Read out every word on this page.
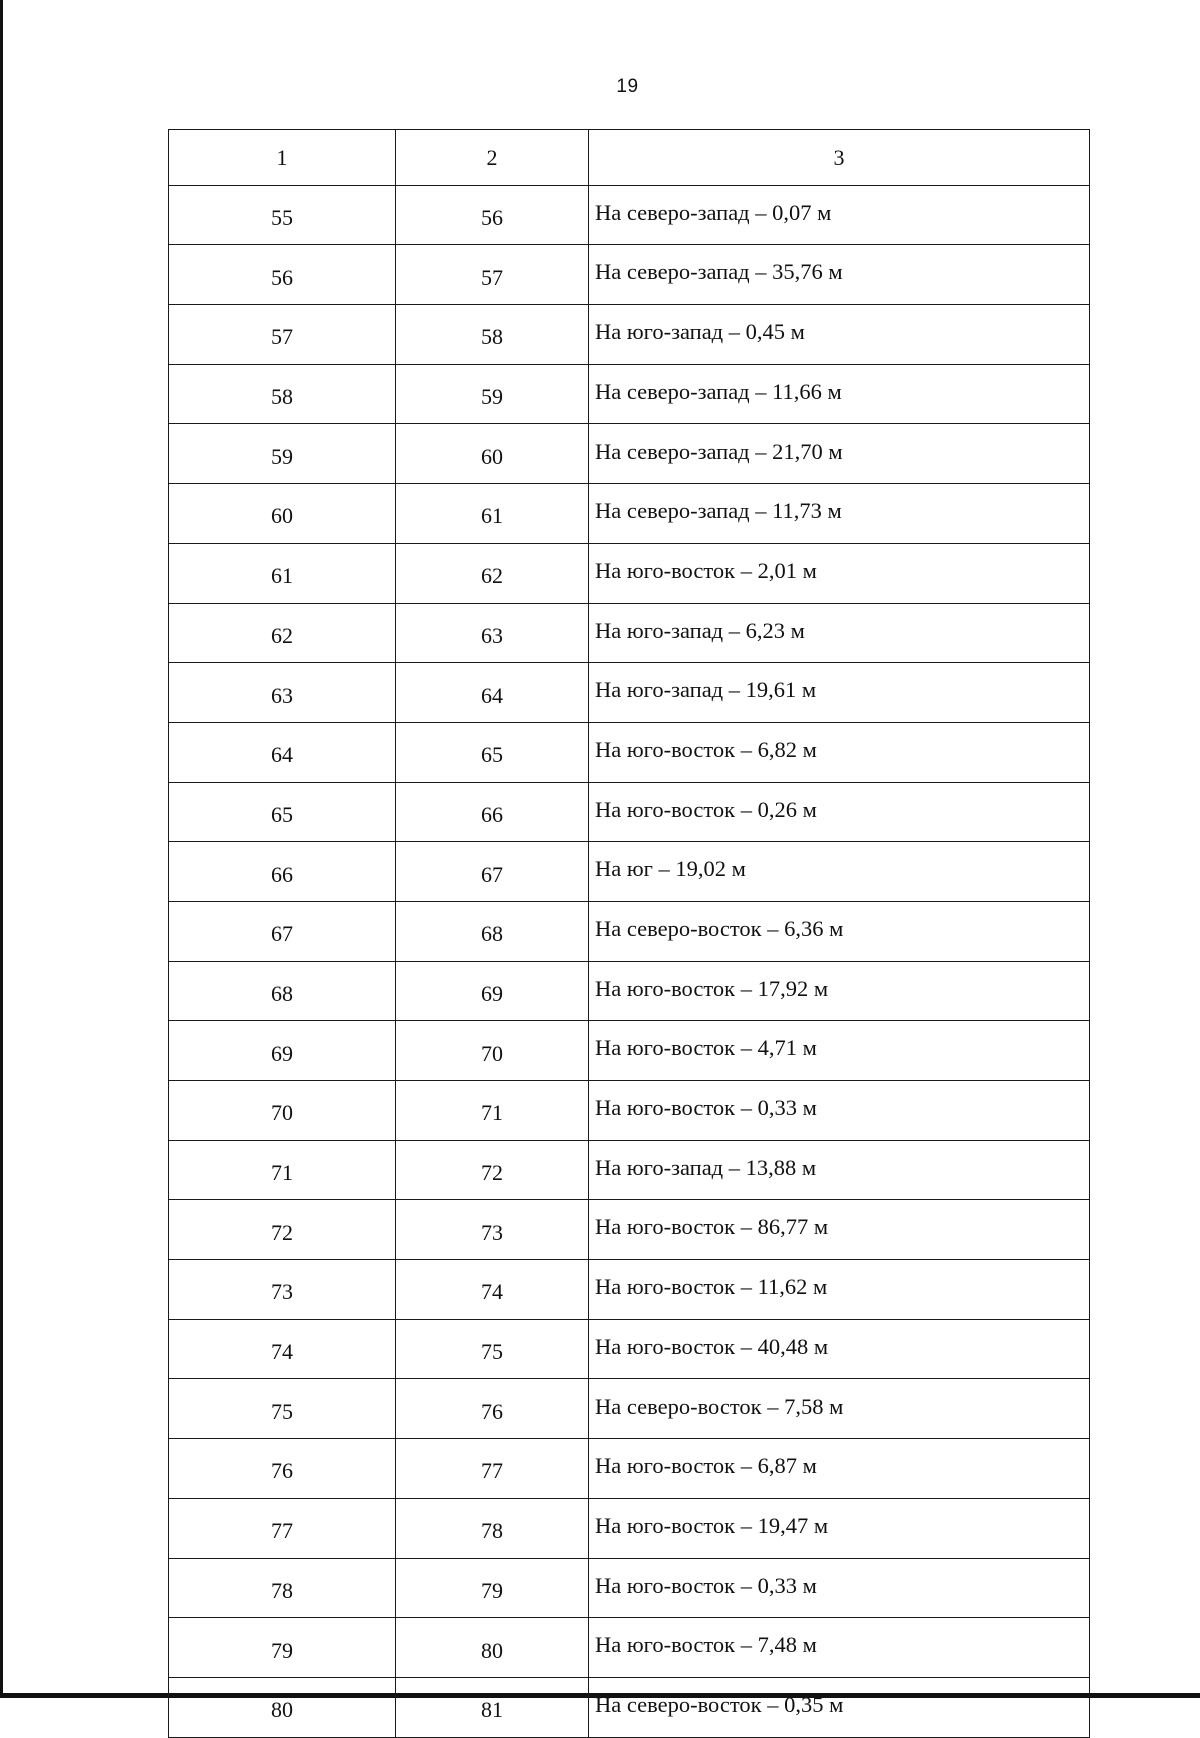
19
1	2	3
55	56	На северо-запад – 0,07 м
56	57	На северо-запад – 35,76 м
57	58	На юго-запад – 0,45 м
58	59	На северо-запад – 11,66 м
59	60	На северо-запад – 21,70 м
60	61	На северо-запад – 11,73 м
61	62	На юго-восток – 2,01 м
62	63	На юго-запад – 6,23 м
63	64	На юго-запад – 19,61 м
64	65	На юго-восток – 6,82 м
65	66	На юго-восток – 0,26 м
66	67	На юг – 19,02 м
67	68	На северо-восток – 6,36 м
68	69	На юго-восток – 17,92 м
69	70	На юго-восток – 4,71 м
70	71	На юго-восток – 0,33 м
71	72	На юго-запад – 13,88 м
72	73	На юго-восток – 86,77 м
73	74	На юго-восток – 11,62 м
74	75	На юго-восток – 40,48 м
75	76	На северо-восток – 7,58 м
76	77	На юго-восток – 6,87 м
77	78	На юго-восток – 19,47 м
78	79	На юго-восток – 0,33 м
79	80	На юго-восток – 7,48 м
80	81	На северо-восток – 0,35 м
